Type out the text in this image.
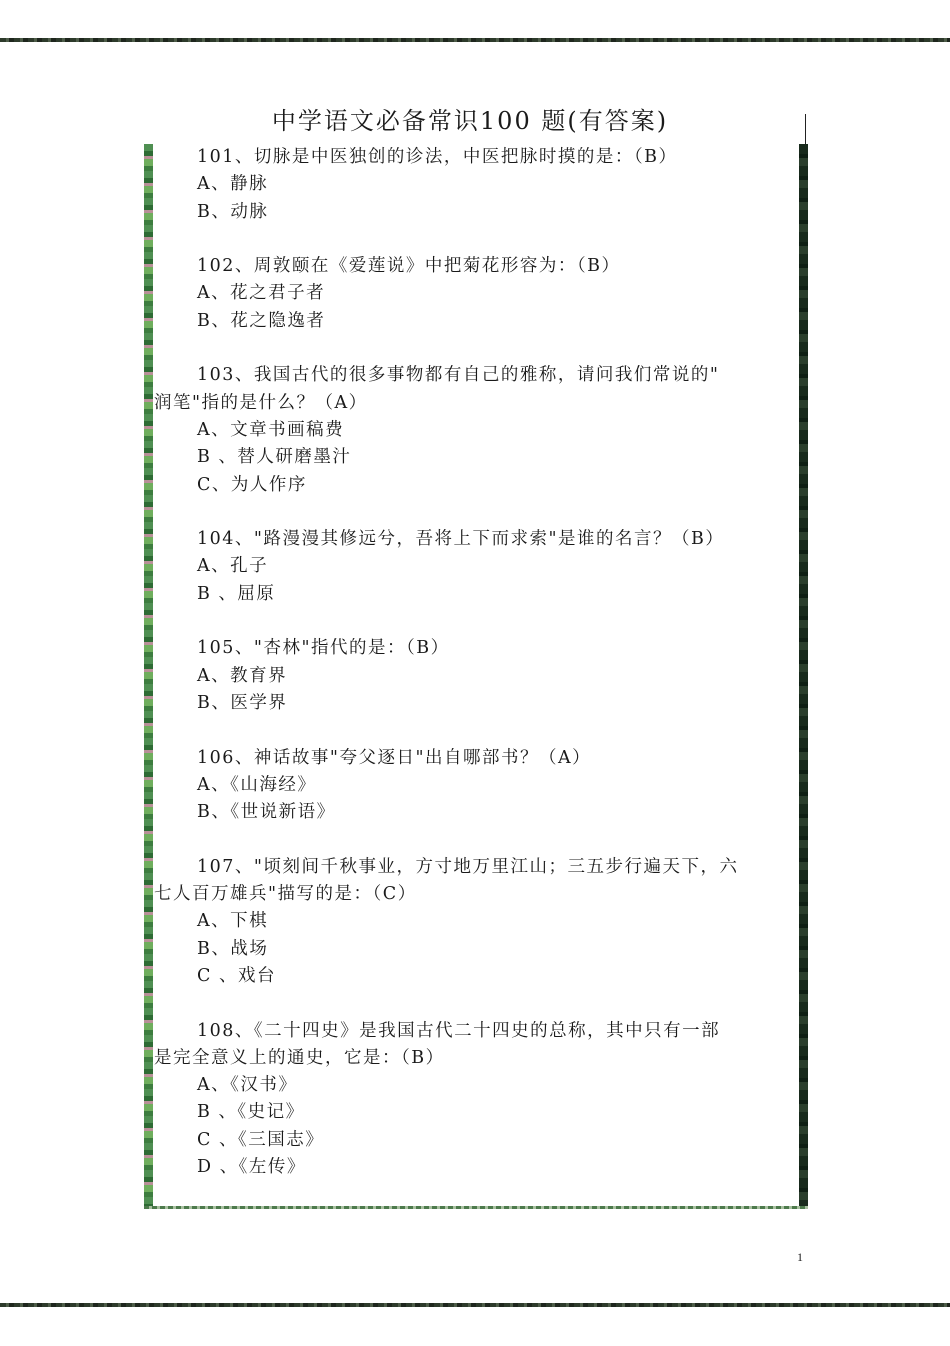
中学语文必备常识100 题(有答案)

101、切脉是中医独创的诊法，中医把脉时摸的是：（B）

A、静脉

B、动脉

102、周敦颐在《爱莲说》中把菊花形容为：（B）

A、花之君子者

B、花之隐逸者

103、我国古代的很多事物都有自己的雅称，请问我们常说的"

润笔"指的是什么？（A）

A、文章书画稿费

B 、替人研磨墨汁

C、为人作序

104、"路漫漫其修远兮，吾将上下而求索"是谁的名言？（B）

A、孔子

B 、屈原

105、"杏林"指代的是：（B）

A、教育界

B、医学界

106、神话故事"夸父逐日"出自哪部书？（A）

A、《山海经》

B、《世说新语》

107、"顷刻间千秋事业，方寸地万里江山；三五步行遍天下，六

七人百万雄兵"描写的是：（C）

A、下棋

B、战场

C 、戏台

108、《二十四史》是我国古代二十四史的总称，其中只有一部

是完全意义上的通史，它是：（B）

A、《汉书》

B 、《史记》

C 、《三国志》

D 、《左传》

1
